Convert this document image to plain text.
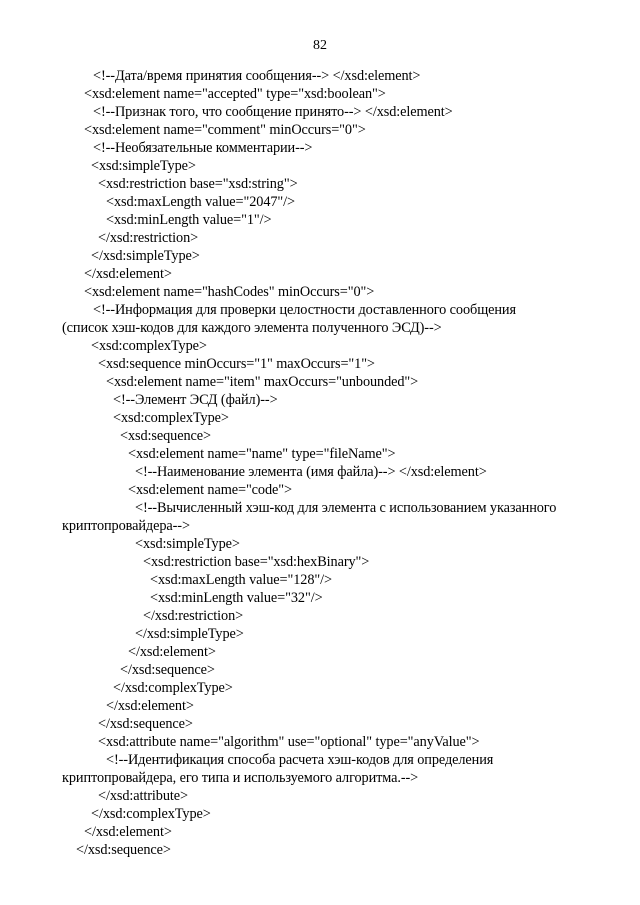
82
<!--Дата/время принятия сообщения--> </xsd:element>
<xsd:element name="accepted" type="xsd:boolean">
<!--Признак того, что сообщение принято--> </xsd:element>
<xsd:element name="comment" minOccurs="0">
<!--Необязательные комментарии-->
<xsd:simpleType>
<xsd:restriction base="xsd:string">
<xsd:maxLength value="2047"/>
<xsd:minLength value="1"/>
</xsd:restriction>
</xsd:simpleType>
</xsd:element>
<xsd:element name="hashCodes" minOccurs="0">
<!--Информация для проверки целостности доставленного сообщения
(список хэш-кодов для каждого элемента полученного ЭСД)-->
<xsd:complexType>
<xsd:sequence minOccurs="1" maxOccurs="1">
<xsd:element name="item" maxOccurs="unbounded">
<!--Элемент ЭСД (файл)-->
<xsd:complexType>
<xsd:sequence>
<xsd:element name="name" type="fileName">
<!--Наименование элемента (имя файла)--> </xsd:element>
<xsd:element name="code">
<!--Вычисленный хэш-код для элемента с использованием указанного
криптопровайдера-->
<xsd:simpleType>
<xsd:restriction base="xsd:hexBinary">
<xsd:maxLength value="128"/>
<xsd:minLength value="32"/>
</xsd:restriction>
</xsd:simpleType>
</xsd:element>
</xsd:sequence>
</xsd:complexType>
</xsd:element>
</xsd:sequence>
<xsd:attribute name="algorithm" use="optional" type="anyValue">
<!--Идентификация способа расчета хэш-кодов для определения
криптопровайдера, его типа и используемого алгоритма.-->
</xsd:attribute>
</xsd:complexType>
</xsd:element>
</xsd:sequence>
